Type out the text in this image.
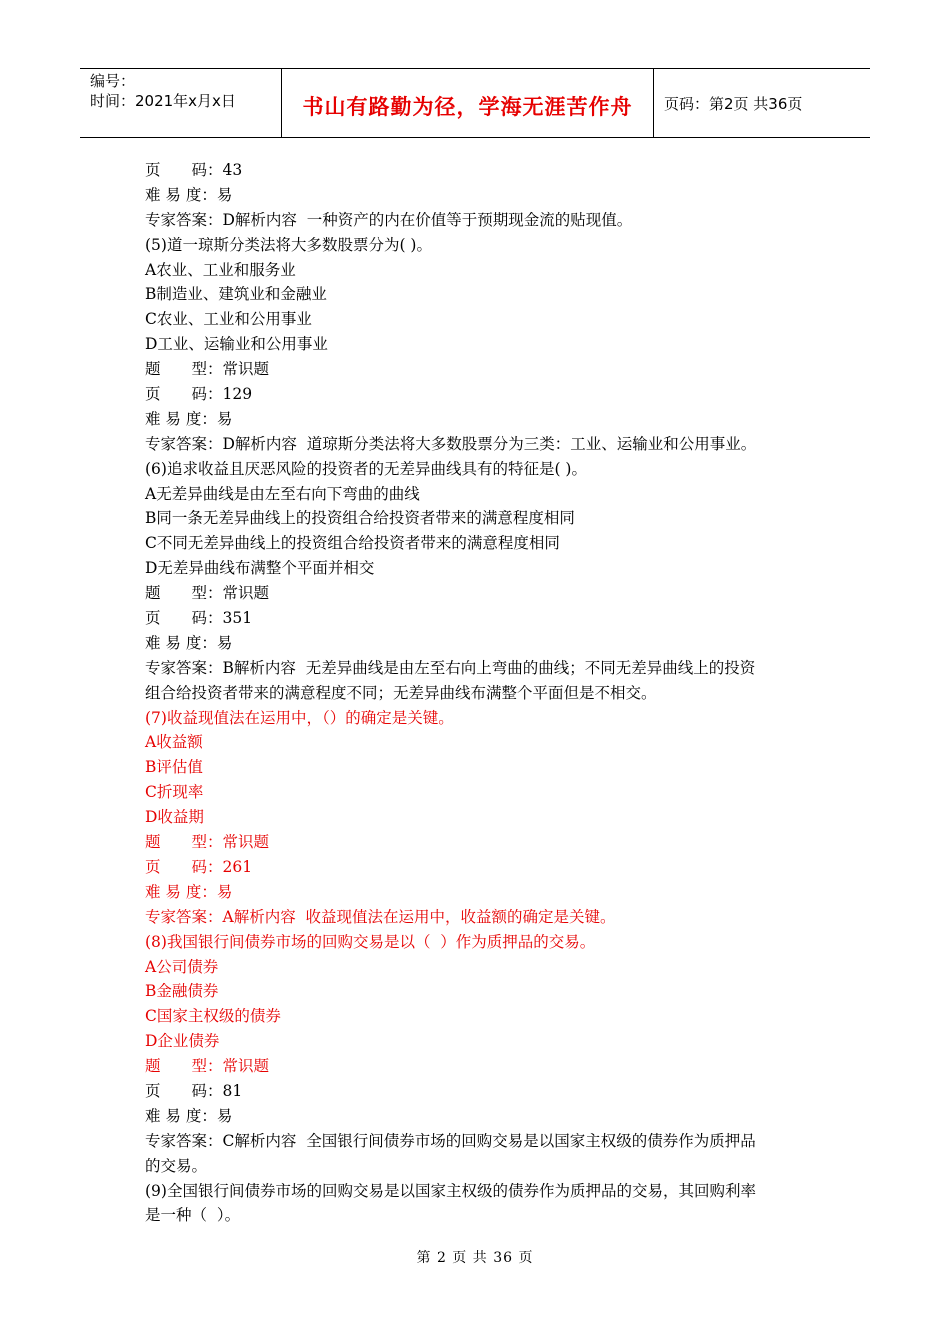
编号：
时间：2021年x月x日	书山有路勤为径，学海无涯苦作舟	页码：第2页 共36页
页　　码：43
难 易 度：易
专家答案：D解析内容  一种资产的内在价值等于预期现金流的贴现值。
(5)道一琼斯分类法将大多数股票分为( )。
A农业、工业和服务业
B制造业、建筑业和金融业
C农业、工业和公用事业
D工业、运输业和公用事业
题　　型：常识题
页　　码：129
难 易 度：易
专家答案：D解析内容  道琼斯分类法将大多数股票分为三类：工业、运输业和公用事业。
(6)追求收益且厌恶风险的投资者的无差异曲线具有的特征是( )。
A无差异曲线是由左至右向下弯曲的曲线
B同一条无差异曲线上的投资组合给投资者带来的满意程度相同
C不同无差异曲线上的投资组合给投资者带来的满意程度相同
D无差异曲线布满整个平面并相交
题　　型：常识题
页　　码：351
难 易 度：易
专家答案：B解析内容  无差异曲线是由左至右向上弯曲的曲线；不同无差异曲线上的投资
组合给投资者带来的满意程度不同；无差异曲线布满整个平面但是不相交。
(7)收益现值法在运用中，（）的确定是关键。
A收益额
B评估值
C折现率
D收益期
题　　型：常识题
页　　码：261
难 易 度：易
专家答案：A解析内容  收益现值法在运用中，收益额的确定是关键。
(8)我国银行间债券市场的回购交易是以（  ）作为质押品的交易。
A公司债券
B金融债券
C国家主权级的债券
D企业债券
题　　型：常识题
页　　码：81
难 易 度：易
专家答案：C解析内容  全国银行间债券市场的回购交易是以国家主权级的债券作为质押品
的交易。
(9)全国银行间债券市场的回购交易是以国家主权级的债券作为质押品的交易，其回购利率
是一种（  ）。
第 2 页 共 36 页
